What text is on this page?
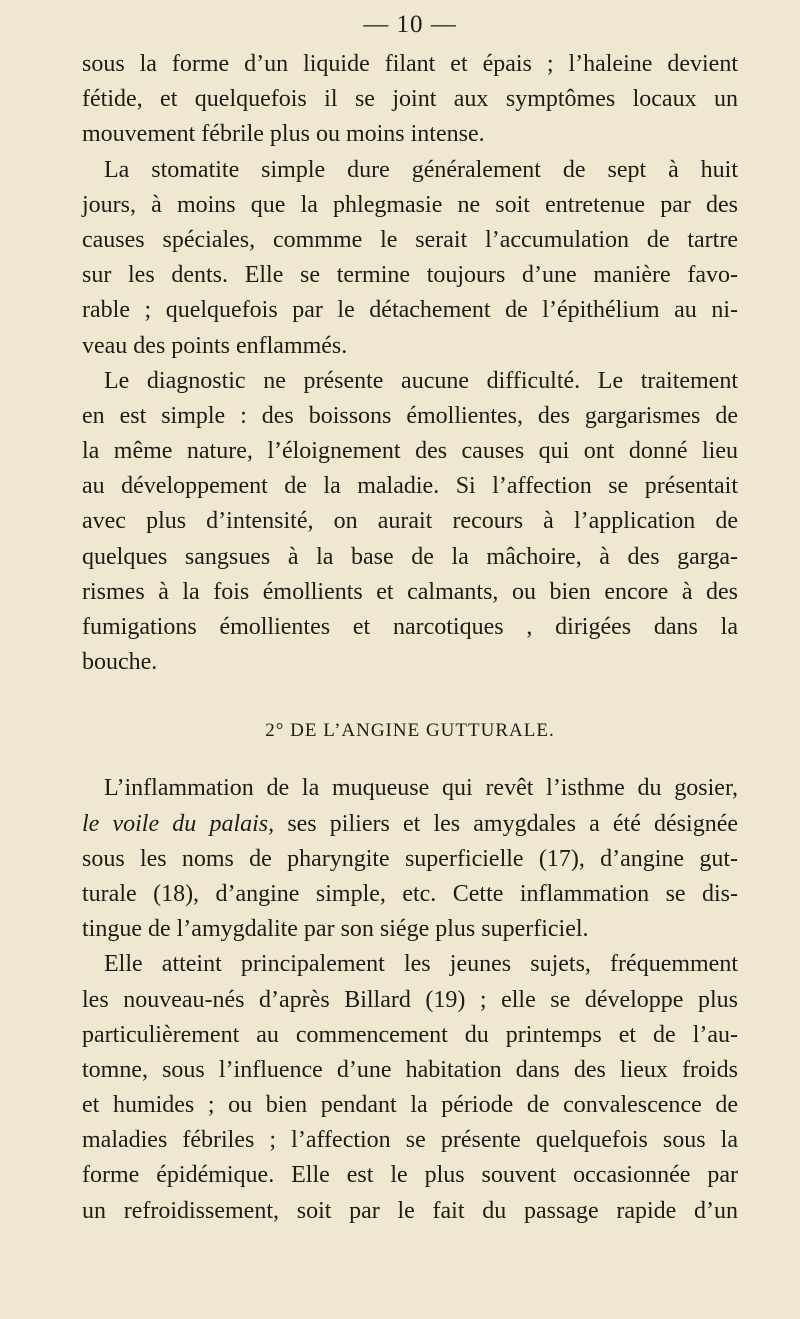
— 10 —
sous la forme d’un liquide filant et épais ; l’haleine devient
fétide, et quelquefois il se joint aux symptômes locaux un
mouvement fébrile plus ou moins intense.
La stomatite simple dure généralement de sept à huit
jours, à moins que la phlegmasie ne soit entretenue par des
causes spéciales, commme le serait l’accumulation de tartre
sur les dents. Elle se termine toujours d’une manière favo-
rable ; quelquefois par le détachement de l’épithélium au ni-
veau des points enflammés.
Le diagnostic ne présente aucune difficulté. Le traitement
en est simple : des boissons émollientes, des gargarismes de
la même nature, l’éloignement des causes qui ont donné lieu
au développement de la maladie. Si l’affection se présentait
avec plus d’intensité, on aurait recours à l’application de
quelques sangsues à la base de la mâchoire, à des garga-
rismes à la fois émollients et calmants, ou bien encore à des
fumigations émollientes et narcotiques , dirigées dans la
bouche.
2° DE L’ANGINE GUTTURALE.
L’inflammation de la muqueuse qui revêt l’isthme du gosier,
le voile du palais, ses piliers et les amygdales a été désignée
sous les noms de pharyngite superficielle (17), d’angine gut-
turale (18), d’angine simple, etc. Cette inflammation se dis-
tingue de l’amygdalite par son siége plus superficiel.
Elle atteint principalement les jeunes sujets, fréquemment
les nouveau-nés d’après Billard (19) ; elle se développe plus
particulièrement au commencement du printemps et de l’au-
tomne, sous l’influence d’une habitation dans des lieux froids
et humides ; ou bien pendant la période de convalescence de
maladies fébriles ; l’affection se présente quelquefois sous la
forme épidémique. Elle est le plus souvent occasionnée par
un refroidissement, soit par le fait du passage rapide d’un
